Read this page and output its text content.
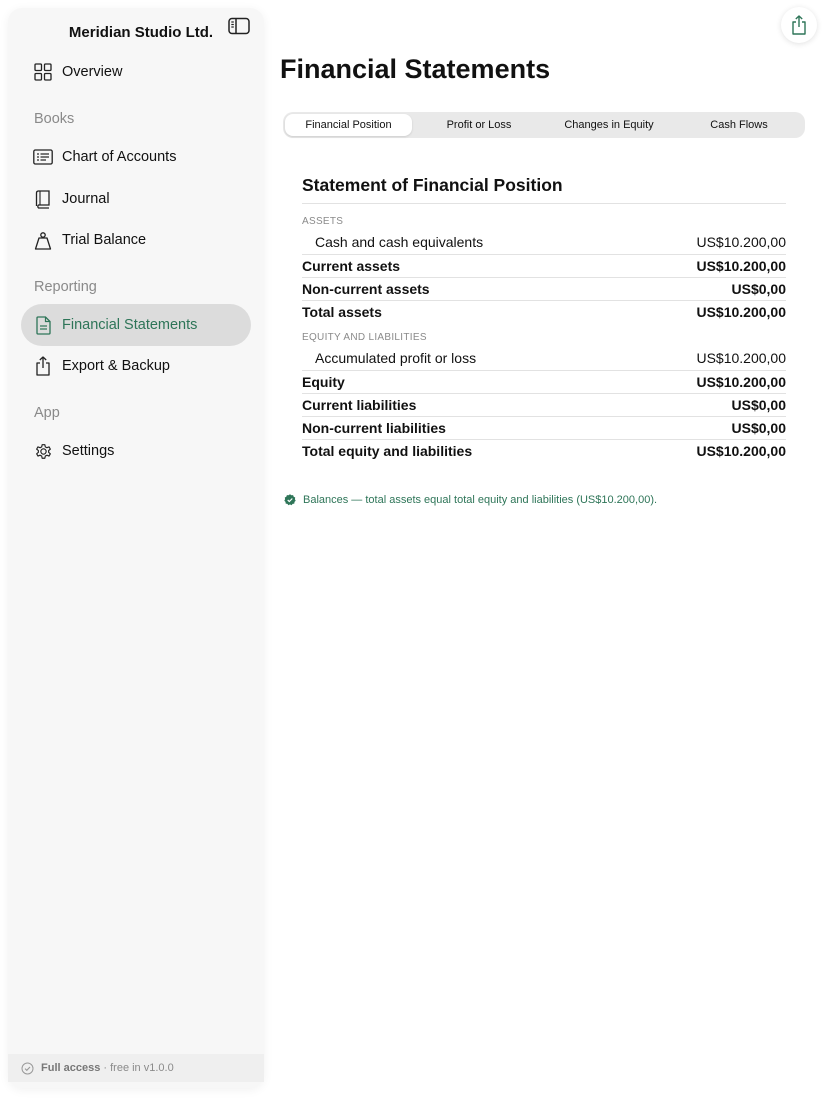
Meridian Studio Ltd.
Overview
Books
Chart of Accounts
Journal
Trial Balance
Reporting
Financial Statements
Export & Backup
App
Settings
Full access · free in v1.0.0
Financial Statements
Financial Position	Profit or Loss	Changes in Equity	Cash Flows
Statement of Financial Position
ASSETS
Cash and cash equivalents	US$10.200,00
Current assets	US$10.200,00
Non-current assets	US$0,00
Total assets	US$10.200,00
EQUITY AND LIABILITIES
Accumulated profit or loss	US$10.200,00
Equity	US$10.200,00
Current liabilities	US$0,00
Non-current liabilities	US$0,00
Total equity and liabilities	US$10.200,00
Balances — total assets equal total equity and liabilities (US$10.200,00).
